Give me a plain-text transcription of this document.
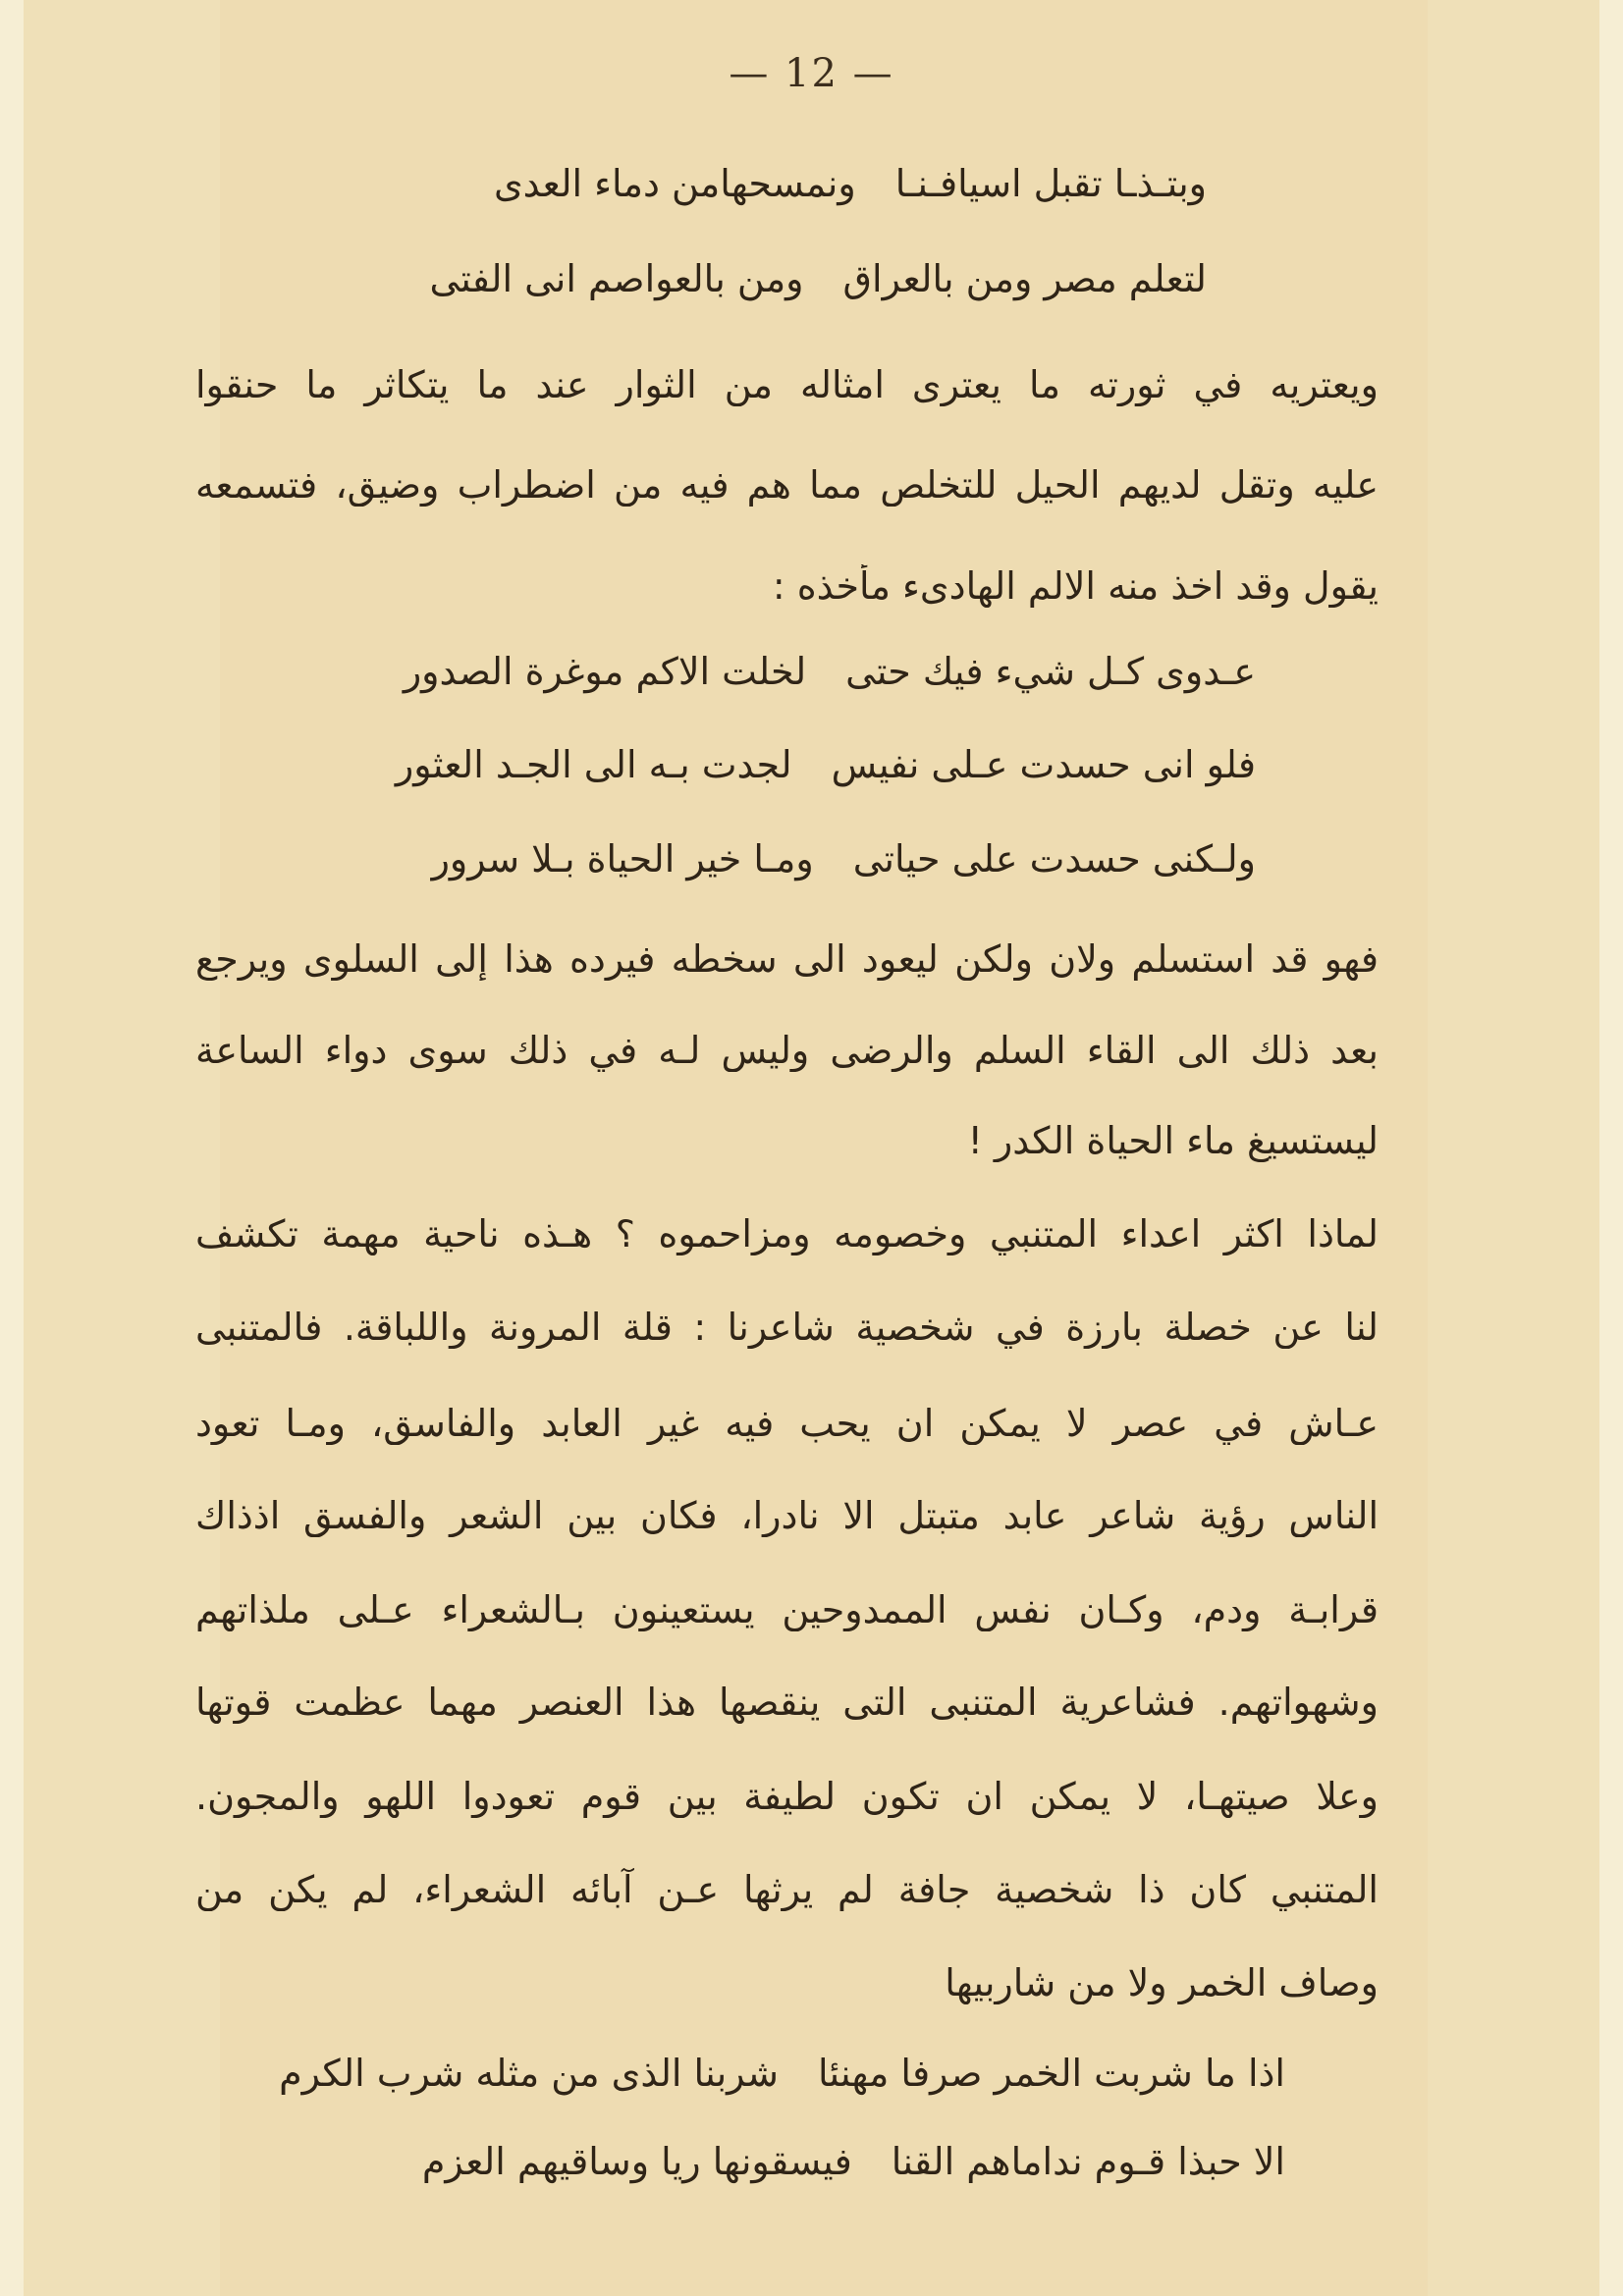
— 12 —
وبتـذـا تقبل اسيافـنـا
ونمسحهامن دماء العدى
لتعلم مصر ومن بالعراق
ومن بالعواصم انى الفتى
ويعتريه في ثورته ما يعترى امثاله من الثوار عند ما يتكاثر ما حنقوا
عليه وتقل لديهم الحيل للتخلص مما هم فيه من اضطراب وضيق، فتسمعه
يقول وقد اخذ منه الالم الهادىء مأخذه :
عـدوى كـل شيء فيك حتى
لخلت الاكم موغرة الصدور
فلو انى حسدت عـلى نفيس
لجدت بـه الى الجـد العثور
ولـكنى حسدت على حياتى
ومـا خير الحياة بـلا سرور
فهو قد استسلم ولان ولكن ليعود الى سخطه فيرده هذا إلى السلوى ويرجع
بعد ذلك الى القاء السلم والرضى وليس لـه في ذلك سوى دواء الساعة
ليستسيغ ماء الحياة الكدر !
لماذا اكثر اعداء المتنبي وخصومه ومزاحموه ؟ هـذه ناحية مهمة تكشف
لنا عن خصلة بارزة في شخصية شاعرنا : قلة المرونة واللباقة. فالمتنبى
عـاش في عصر لا يمكن ان يحب فيه غير العابد والفاسق، ومـا تعود
الناس رؤية شاعر عابد متبتل الا نادرا، فكان بين الشعر والفسق اذذاك
قرابـة ودم، وكـان نفس الممدوحين يستعينون بـالشعراء عـلى ملذاتهم
وشهواتهم. فشاعرية المتنبى التى ينقصها هذا العنصر مهما عظمت قوتها
وعلا صيتهـا، لا يمكن ان تكون لطيفة بين قوم تعودوا اللهو والمجون.
المتنبي كان ذا شخصية جافة لم يرثها عـن آبائه الشعراء، لم يكن من
وصاف الخمر ولا من شاربيها
اذا ما شربت الخمر صرفا مهنئا
شربنا الذى من مثله شرب الكرم
الا حبذا قـوم نداماهم القنا
فيسقونها ريا وساقيهم العزم
